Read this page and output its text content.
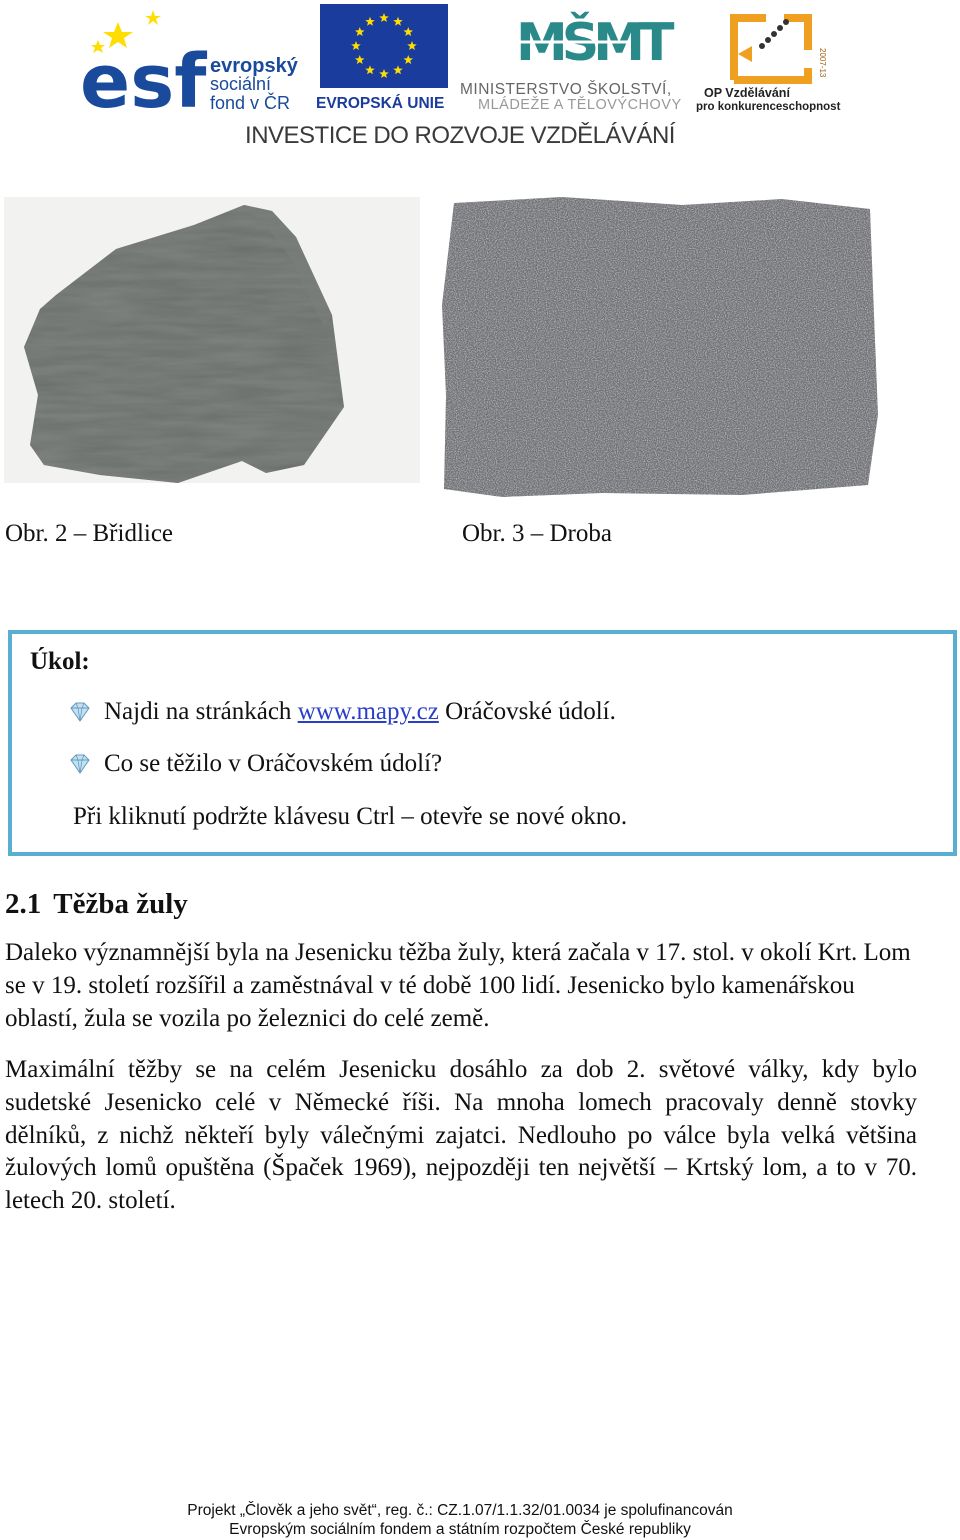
esf evropský
sociální
fond v ČR EVROPSKÁ UNIE
MŠMT
MINISTERSTVO ŠKOLSTVÍ,
MLÁDEŽE A TĚLOVÝCHOVY
2007-13
OP Vzdělávání
pro konkurenceschopnost
INVESTICE DO ROZVOJE VZDĚLÁVÁNÍ
Obr. 2 – Břidlice	Obr. 3 – Droba
Úkol:
Najdi na stránkách
www.mapy.cz
Oráčovské údolí.
Co se těžilo v Oráčovském údolí?
Při kliknutí podržte klávesu Ctrl – otevře se nové okno.
2.1 Těžba žuly

Daleko významnější byla na Jesenicku těžba žuly, která začala v 17. stol. v okolí Krt. Lom se v 19. století rozšířil a zaměstnával v té době 100 lidí. Jesenicko bylo kamenářskou oblastí, žula se vozila po železnici do celé země.

Maximální těžby se na celém Jesenicku dosáhlo za dob 2. světové války, kdy bylo sudetské Jesenicko celé v Německé říši. Na mnoha lomech pracovaly denně stovky dělníků, z nichž někteří byly válečnými zajatci. Nedlouho po válce byla velká většina žulových lomů opuštěna (Špaček 1969), nejpozději ten největší – Krtský lom, a to v 70. letech 20. století.

Projekt „Člověk a jeho svět“, reg. č.: CZ.1.07/1.1.32/01.0034 je spolufinancován
Evropským sociálním fondem a státním rozpočtem České republiky
